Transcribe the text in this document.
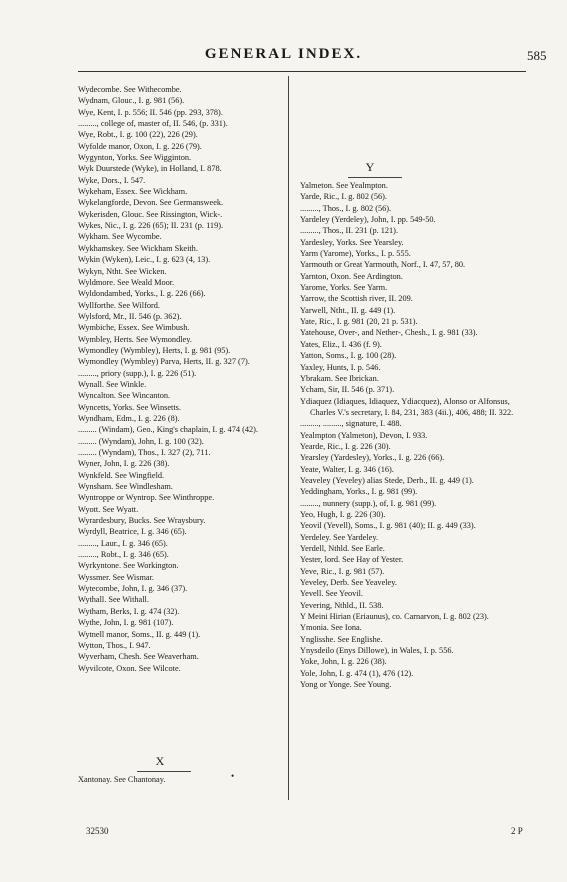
GENERAL INDEX.	585
Wydecombe. See Withecombe.
Wydnam, Glouc., I. g. 981 (56).
Wye, Kent, I. p. 556; II. 546 (pp. 293, 378).
........., college of, master of, II. 546, (p. 331).
Wye, Robt., I. g. 100 (22), 226 (29).
Wyfolde manor, Oxon, I. g. 226 (79).
Wygynton, Yorks. See Wigginton.
Wyk Duurstede (Wyke), in Holland, I. 878.
Wyke, Dors., I. 547.
Wykeham, Essex. See Wickham.
Wykelangforde, Devon. See Germansweek.
Wykerisden, Glouc. See Rissington, Wick-.
Wykes, Nic., I. g. 226 (65); II. 231 (p. 119).
Wykham. See Wycombe.
Wykhamskey. See Wickham Skeith.
Wykin (Wyken), Leic., I. g. 623 (4, 13).
Wykyn, Ntht. See Wicken.
Wyldmore. See Weald Moor.
Wyldondambed, Yorks., I. g. 226 (66).
Wyllforthe. See Wilford.
Wylsford, Mr., II. 546 (p. 362).
Wymbiche, Essex. See Wimbush.
Wymbley, Herts. See Wymondley.
Wymondley (Wymbley), Herts, I. g. 981 (95).
Wymondley (Wymbley) Parva, Herts, II. g. 327 (7).
........., priory (supp.), I. g. 226 (51).
Wynall. See Winkle.
Wyncalton. See Wincanton.
Wyncetts, Yorks. See Winsetts.
Wyndham, Edm., I. g. 226 (8).
......... (Windam), Geo., King's chaplain, I. g. 474 (42).
......... (Wyndam), John, I. g. 100 (32).
......... (Wyndam), Thos., I. 327 (2), 711.
Wyner, John, I. g. 226 (38).
Wynkfeld. See Wingfield.
Wynsham. See Windlesham.
Wyntroppe or Wyntrop. See Winthroppe.
Wyott. See Wyatt.
Wyrardesbury, Bucks. See Wraysbury.
Wyrdyll, Beatrice, I. g. 346 (65).
........., Laur., I. g. 346 (65).
........., Robt., I. g. 346 (65).
Wyrkyntone. See Workington.
Wyssmer. See Wismar.
Wytecombe, John, I. g. 346 (37).
Wythall. See Withall.
Wytham, Berks, I. g. 474 (32).
Wythe, John, I. g. 981 (107).
Wytnell manor, Soms., II. g. 449 (1).
Wytton, Thos., I. 947.
Wyverham, Chesh. See Weaverham.
Wyvilcote, Oxon. See Wilcote.
Y
Yalmeton. See Yealmpton.
Yarde, Ric., I. g. 802 (56).
........., Thos., I. g. 802 (56).
Yardeley (Yerdeley), John, I. pp. 549-50.
........., Thos., II. 231 (p. 121).
Yardesley, Yorks. See Yearsley.
Yarm (Yarome), Yorks., I. p. 555.
Yarmouth or Great Yarmouth, Norf., I. 47, 57, 80.
Yarnton, Oxon. See Ardington.
Yarome, Yorks. See Yarm.
Yarrow, the Scottish river, II. 209.
Yarwell, Ntht., II. g. 449 (1).
Yate, Ric., I. g. 981 (20, 21 p. 531).
Yatehouse, Over-, and Nether-, Chesh., I. g. 981 (33).
Yates, Eliz., I. 436 (f. 9).
Yatton, Soms., I. g. 100 (28).
Yaxley, Hunts, I. p. 546.
Ybrakam. See Ibrickan.
Ycham, Sir, II. 546 (p. 371).
Ydiaquez (Idiaques, Idiaquez, Ydiacquez), Alonso or Alfonsus, Charles V.'s secretary, I. 84, 231, 383 (4ii.), 406, 488; II. 322.
........., ........., signature, I. 488.
Yealmpton (Yalmeton), Devon, I. 933.
Yearde, Ric., I. g. 226 (30).
Yearsley (Yardesley), Yorks., I. g. 226 (66).
Yeate, Walter, I. g. 346 (16).
Yeaveley (Yeveley) alias Stede, Derb., II. g. 449 (1).
Yeddingham, Yorks., I. g. 981 (99).
........., nunnery (supp.), of, I. g. 981 (99).
Yeo, Hugh, I. g. 226 (30).
Yeovil (Yevell), Soms., I. g. 981 (40); II. g. 449 (33).
Yerdeley. See Yardeley.
Yerdell, Nthld. See Earle.
Yester, lord. See Hay of Yester.
Yeve, Ric., I. g. 981 (57).
Yeveley, Derb. See Yeaveley.
Yevell. See Yeovil.
Yevering, Nthld., II. 538.
Y Meini Hirian (Eriaunus), co. Carnarvon, I. g. 802 (23).
Ymonia. See Iona.
Ynglisshe. See Englishe.
Ynysdeilo (Enys Dillowe), in Wales, I. p. 556.
Yoke, John, I. g. 226 (38).
Yole, John, I. g. 474 (1), 476 (12).
Yong or Yonge. See Young.
X
•
Xantonay. See Chantonay.
32530	2 P
